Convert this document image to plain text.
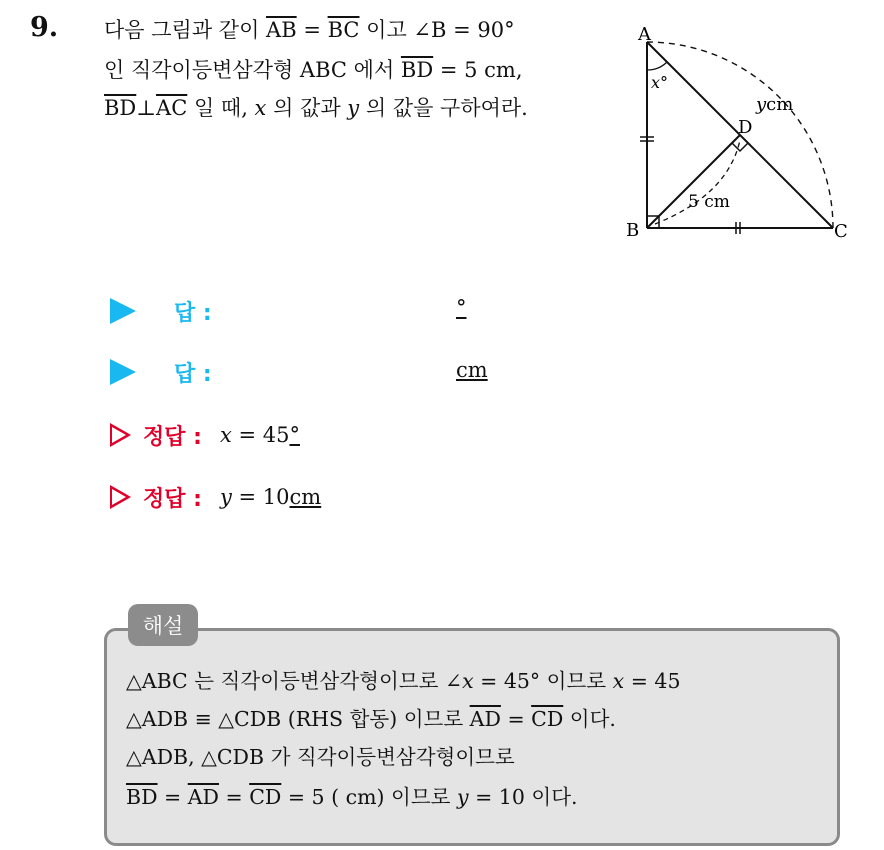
9. 다음 그림과 같이 $\overline{AB} = \overline{BC}$ 이고 ∠B = 90°
인 직각이등변삼각형 ABC 에서 $\overline{BD} = 5$ cm,
$\overline{BD}\perp\overline{AC}$ 일 때, x 의 값과 y 의 값을 구하여라.
A
B	C
D
x°
ycm
5 cm
답 :	°
답 :	cm
정답 : x = 45°
정답 : y = 10cm
해설
△ABC 는 직각이등변삼각형이므로 ∠x = 45° 이므로 x = 45
△ADB ≡ △CDB (RHS 합동) 이므로 $\overline{AD} = \overline{CD}$ 이다.
△ADB, △CDB 가 직각이등변삼각형이므로
$\overline{BD} = \overline{AD} = \overline{CD} = 5$ ( cm) 이므로 y = 10 이다.
